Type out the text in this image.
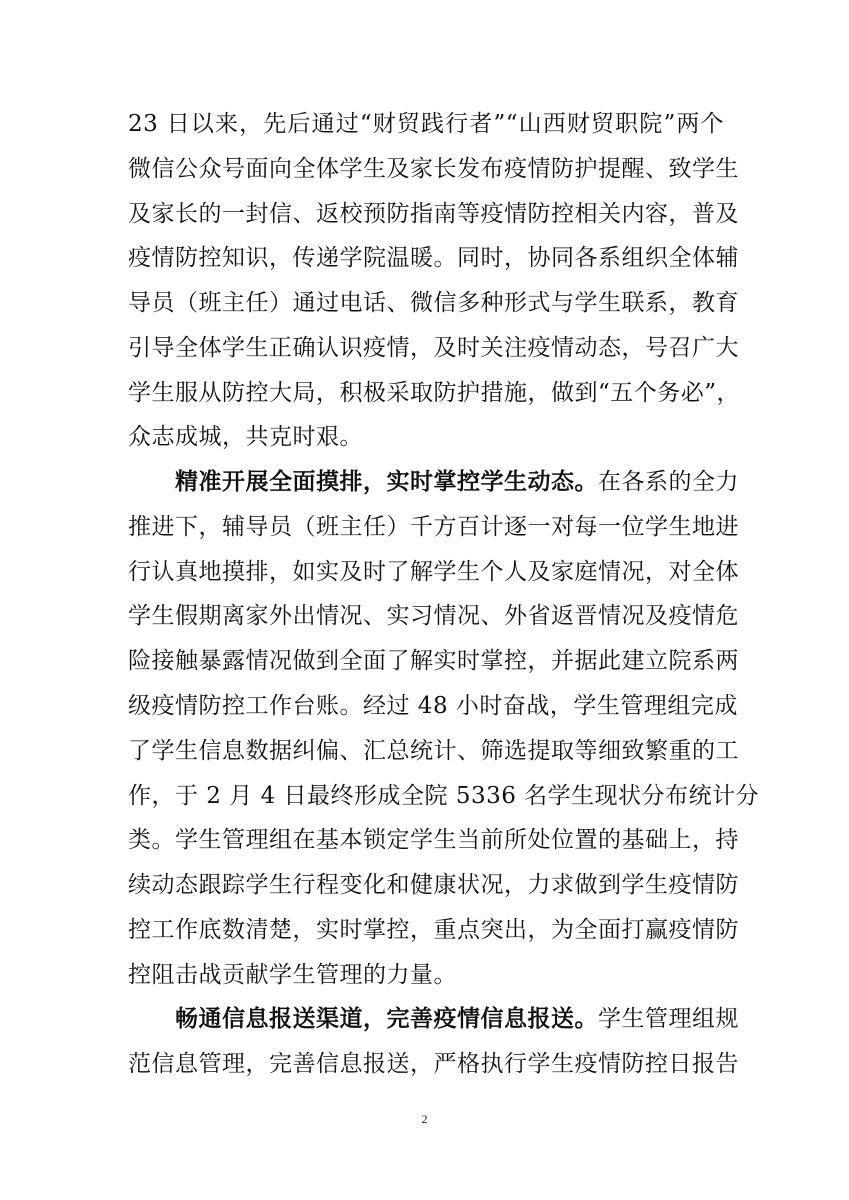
23 日以来，先后通过“财贸践行者”“山西财贸职院”两个
微信公众号面向全体学生及家长发布疫情防护提醒、致学生
及家长的一封信、返校预防指南等疫情防控相关内容，普及
疫情防控知识，传递学院温暖。同时，协同各系组织全体辅
导员（班主任）通过电话、微信多种形式与学生联系，教育
引导全体学生正确认识疫情，及时关注疫情动态，号召广大
学生服从防控大局，积极采取防护措施，做到“五个务必”，
众志成城，共克时艰。
精准开展全面摸排，实时掌控学生动态。在各系的全力
推进下，辅导员（班主任）千方百计逐一对每一位学生地进
行认真地摸排，如实及时了解学生个人及家庭情况，对全体
学生假期离家外出情况、实习情况、外省返晋情况及疫情危
险接触暴露情况做到全面了解实时掌控，并据此建立院系两
级疫情防控工作台账。经过 48 小时奋战，学生管理组完成
了学生信息数据纠偏、汇总统计、筛选提取等细致繁重的工
作，于 2 月 4 日最终形成全院 5336 名学生现状分布统计分
类。学生管理组在基本锁定学生当前所处位置的基础上，持
续动态跟踪学生行程变化和健康状况，力求做到学生疫情防
控工作底数清楚，实时掌控，重点突出，为全面打赢疫情防
控阻击战贡献学生管理的力量。
2
畅通信息报送渠道，完善疫情信息报送。学生管理组规
范信息管理，完善信息报送，严格执行学生疫情防控日报告
